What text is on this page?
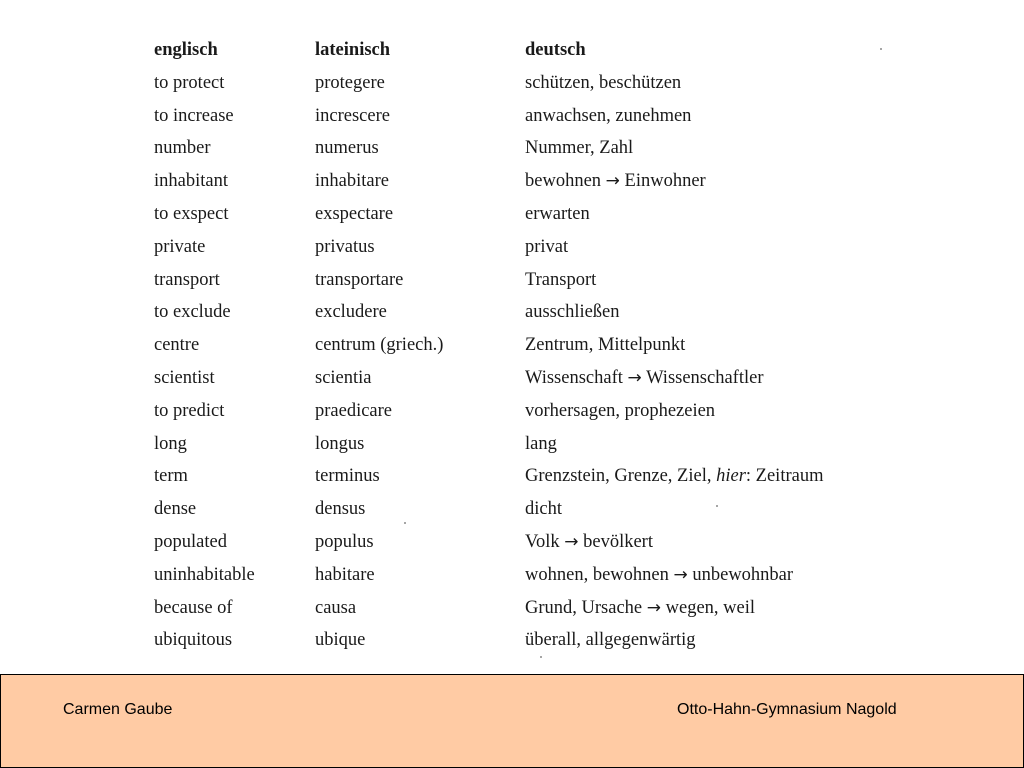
englisch	lateinisch	deutsch
to protect	protegere	schützen, beschützen
to increase	increscere	anwachsen, zunehmen
number	numerus	Nummer, Zahl
inhabitant	inhabitare	bewohnen → Einwohner
to exspect	exspectare	erwarten
private	privatus	privat
transport	transportare	Transport
to exclude	excludere	ausschließen
centre	centrum (griech.)	Zentrum, Mittelpunkt
scientist	scientia	Wissenschaft → Wissenschaftler
to predict	praedicare	vorhersagen, prophezeien
long	longus	lang
term	terminus	Grenzstein, Grenze, Ziel, hier: Zeitraum
dense	densus	dicht
populated	populus	Volk → bevölkert
uninhabitable	habitare	wohnen, bewohnen → unbewohnbar
because of	causa	Grund, Ursache → wegen, weil
ubiquitous	ubique	überall, allgegenwärtig
Carmen Gaube	Otto-Hahn-Gymnasium Nagold
